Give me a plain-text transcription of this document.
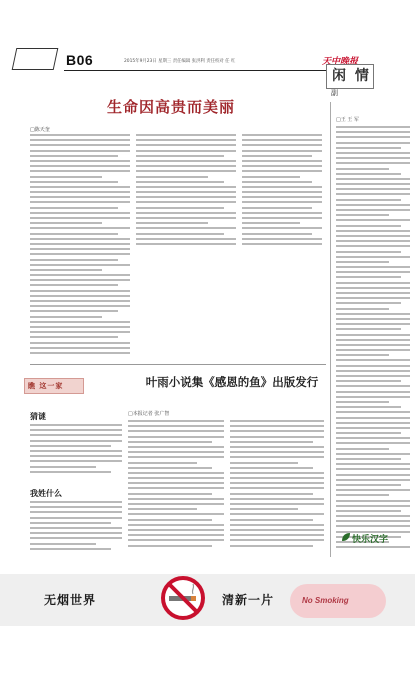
B06	2015年9月23日 星期三 责任编辑 张洪利 责任校对 任 红	天中晚报
闲 情
副
生命因高贵而美丽
□陈天奎
□王 王 军
快乐汉字
瞧 这一家
猜谜
我姓什么
叶雨小说集《感恩的鱼》出版发行
□本报记者 张广智
无烟世界	清新一片	No Smoking
